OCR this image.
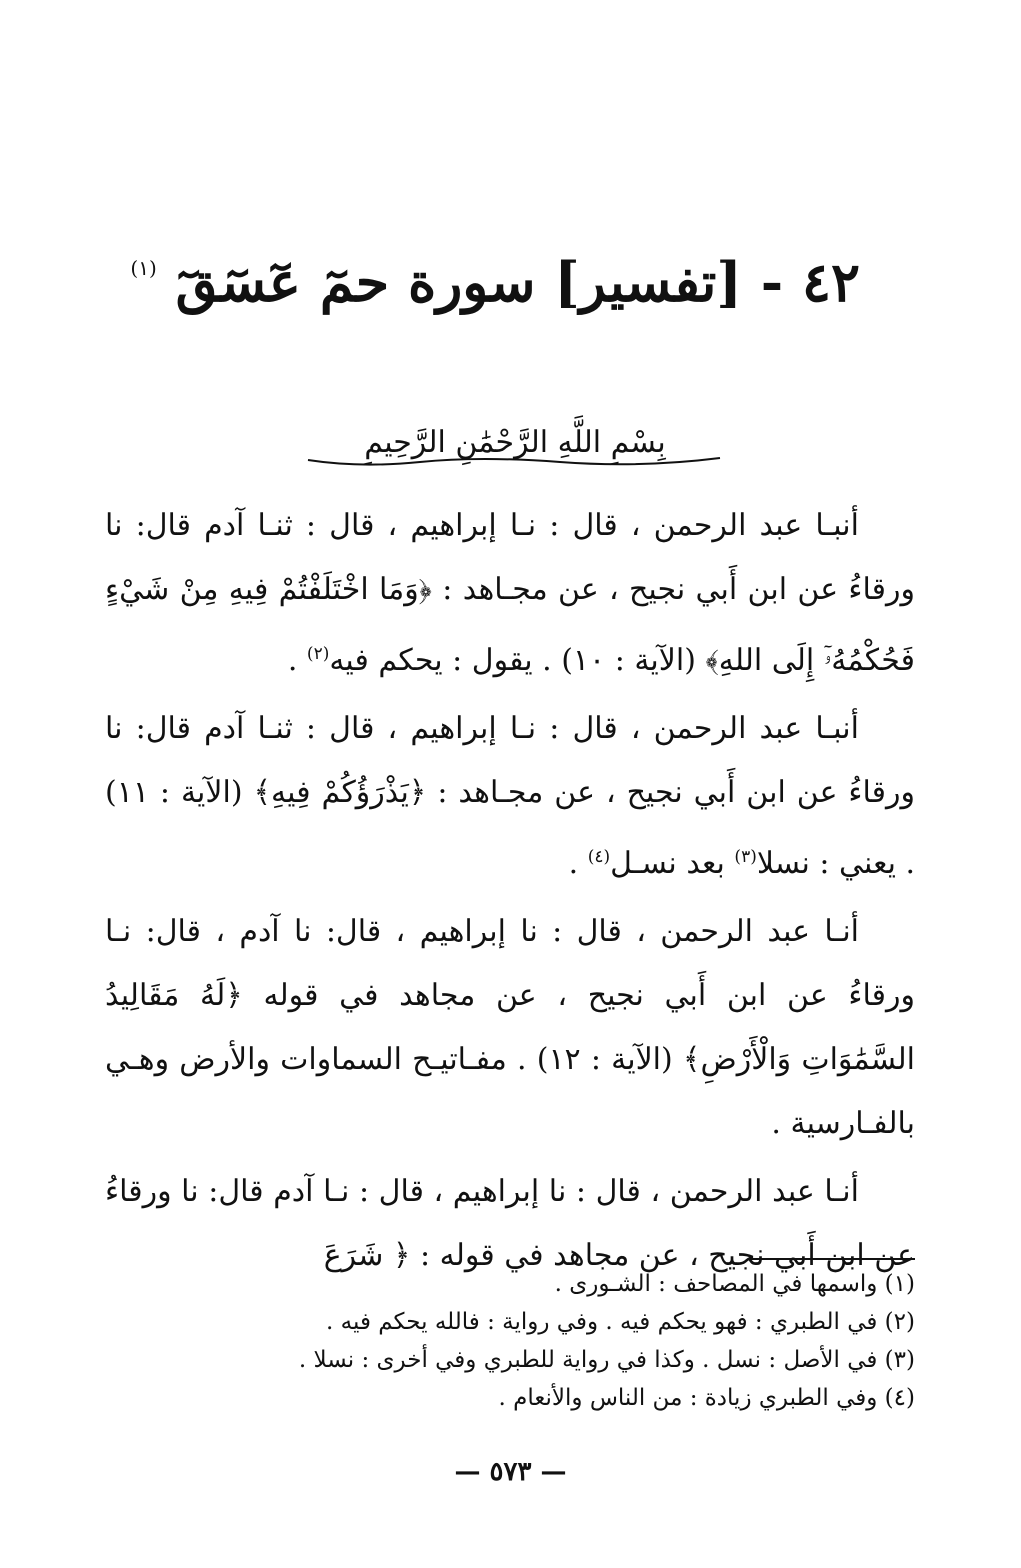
٤٢ - [تفسير] سورة حمٓ عٓسٓقٓ $^{(١)}$
بِسْمِ اللَّهِ الرَّحْمَٰنِ الرَّحِيمِ

أنبـا عبد الرحمن ، قال : نـا إبراهيم ، قال : ثنـا آدم قال: نا ورقاءُ عن ابن أَبي نجيح ، عن مجـاهد : ﴿وَمَا اخْتَلَفْتُمْ فِيهِ مِنْ شَيْءٍ فَحُكْمُهُۥٓ إِلَى اللهِ﴾ (الآية : ١٠) . يقول : يحكم فيه$^{(٢)}$ .

أنبـا عبد الرحمن ، قال : نـا إبراهيم ، قال : ثنـا آدم قال: نا ورقاءُ عن ابن أَبي نجيح ، عن مجـاهد : ﴿يَذْرَؤُكُمْ فِيهِ﴾ (الآية : ١١) . يعني : نسلا$^{(٣)}$ بعد نسـل$^{(٤)}$ .

أنـا عبد الرحمن ، قال : نا إبراهيم ، قال: نا آدم ، قال: نـا ورقاءُ عن ابن أَبي نجيح ، عن مجاهد في قوله ﴿لَهُ مَقَالِيدُ السَّمَٰوَاتِ وَالْأَرْضِ﴾ (الآية : ١٢) . مفـاتيـح السماوات والأرض وهـي بالفـارسية .

أنـا عبد الرحمن ، قال : نا إبراهيم ، قال : نـا آدم قال: نا ورقاءُ عن ابن أَبي نجيح ، عن مجاهد في قوله : ﴿ شَرَعَ

(١) واسمها في المصاحف : الشـورى .
(٢) في الطبري : فهو يحكم فيه . وفي رواية : فالله يحكم فيه .
(٣) في الأصل : نسل . وكذا في رواية للطبري وفي أخرى : نسلا .
(٤) وفي الطبري زيادة : من الناس والأنعام .
— ٥٧٣ —
